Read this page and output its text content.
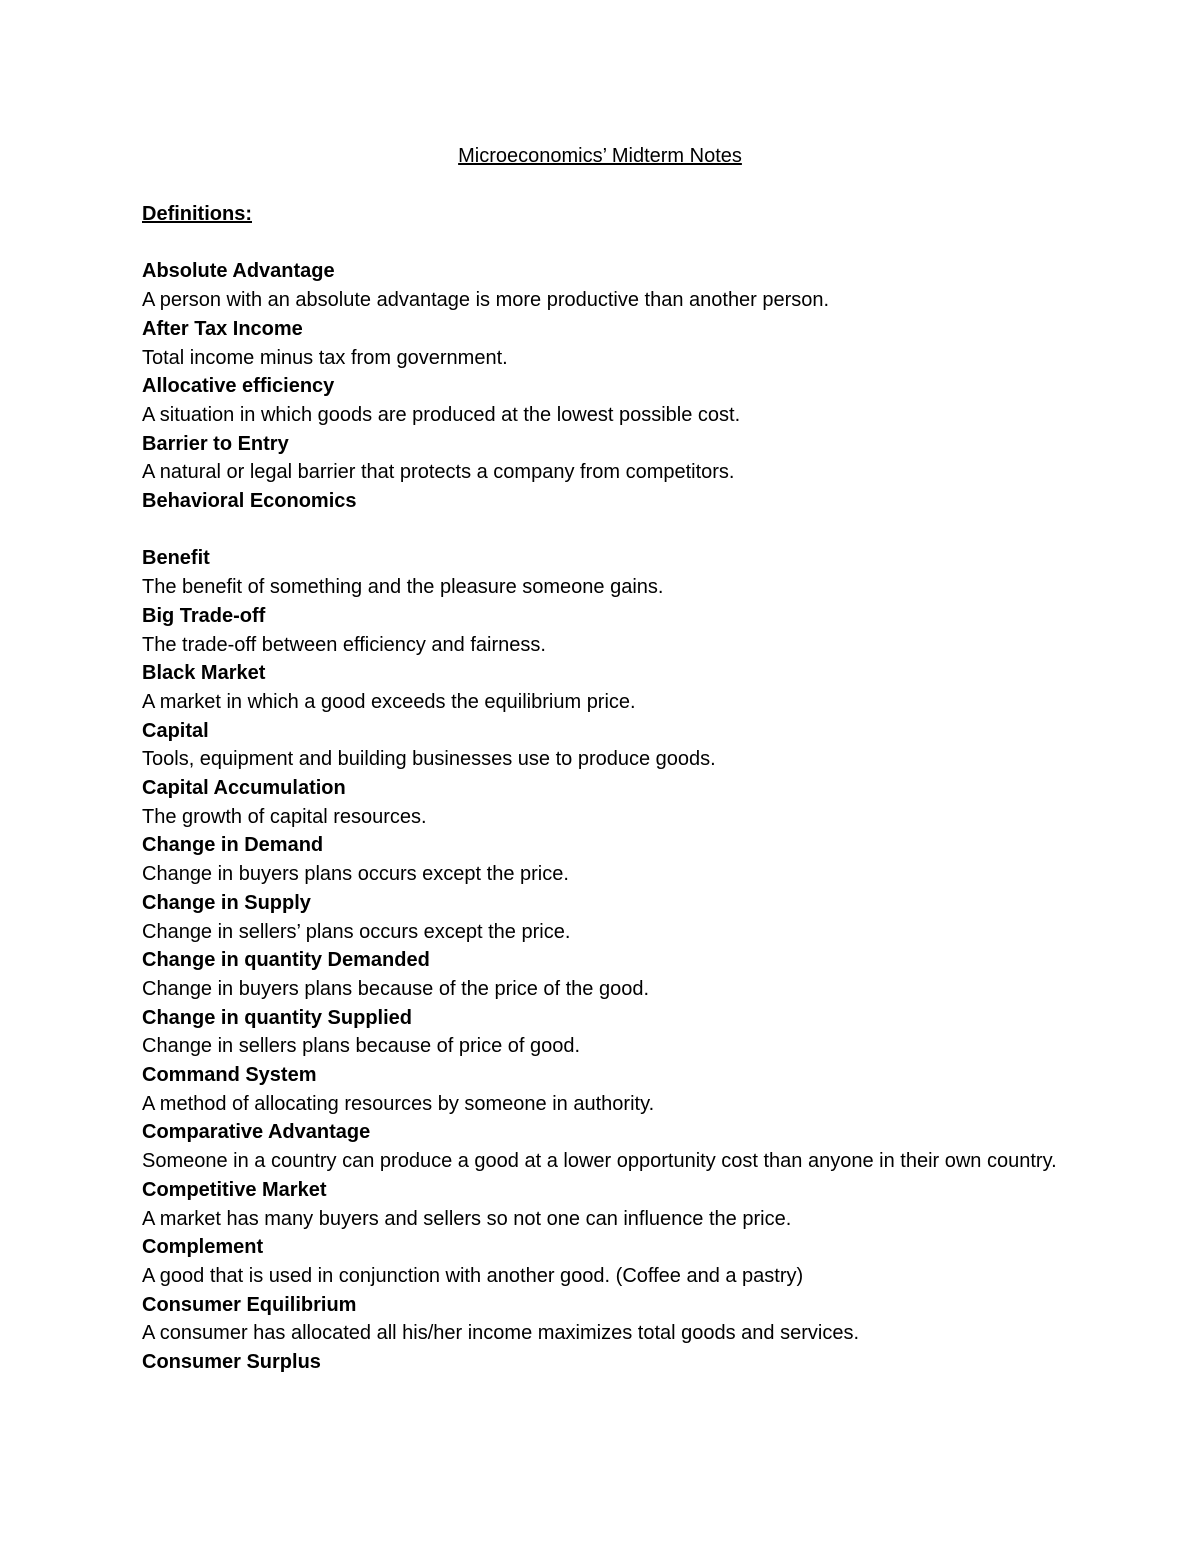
Microeconomics’ Midterm Notes
Definitions:
Absolute Advantage
A person with an absolute advantage is more productive than another person.
After Tax Income
Total income minus tax from government.
Allocative efficiency
A situation in which goods are produced at the lowest possible cost.
Barrier to Entry
A natural or legal barrier that protects a company from competitors.
Behavioral Economics
Benefit
The benefit of something and the pleasure someone gains.
Big Trade-off
The trade-off between efficiency and fairness.
Black Market
A market in which a good exceeds the equilibrium price.
Capital
Tools, equipment and building businesses use to produce goods.
Capital Accumulation
The growth of capital resources.
Change in Demand
Change in buyers plans occurs except the price.
Change in Supply
Change in sellers’ plans occurs except the price.
Change in quantity Demanded
Change in buyers plans because of the price of the good.
Change in quantity Supplied
Change in sellers plans because of price of good.
Command System
A method of allocating resources by someone in authority.
Comparative Advantage
Someone in a country can produce a good at a lower opportunity cost than anyone in their own country.
Competitive Market
A market has many buyers and sellers so not one can influence the price.
Complement
A good that is used in conjunction with another good. (Coffee and a pastry)
Consumer Equilibrium
A consumer has allocated all his/her income maximizes total goods and services.
Consumer Surplus
